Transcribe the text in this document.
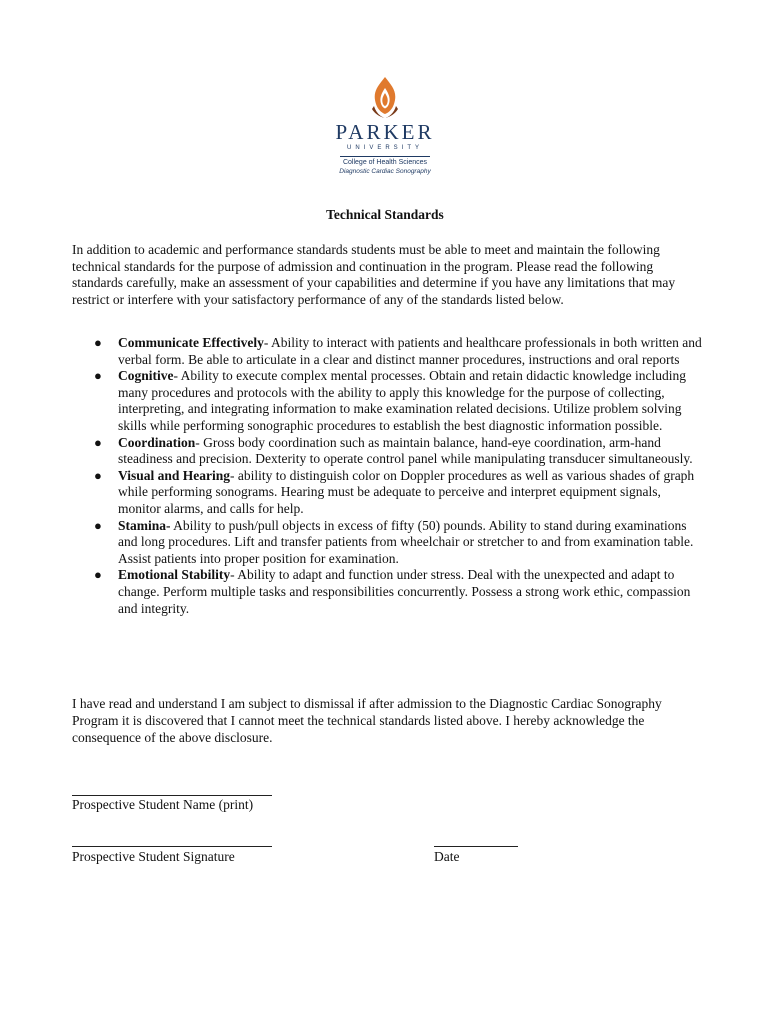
PARKER
UNIVERSITY
College of Health Sciences
Diagnostic Cardiac Sonography
Technical Standards

In addition to academic and performance standards students must be able to meet and maintain the following technical standards for the purpose of admission and continuation in the program. Please read the following standards carefully, make an assessment of your capabilities and determine if you have any limitations that may restrict or interfere with your satisfactory performance of any of the standards listed below.

● Communicate Effectively- Ability to interact with patients and healthcare professionals in both written and verbal form. Be able to articulate in a clear and distinct manner procedures, instructions and oral reports
● Cognitive- Ability to execute complex mental processes. Obtain and retain didactic knowledge including many procedures and protocols with the ability to apply this knowledge for the purpose of collecting, interpreting, and integrating information to make examination related decisions. Utilize problem solving skills while performing sonographic procedures to establish the best diagnostic information possible.
● Coordination- Gross body coordination such as maintain balance, hand-eye coordination, arm-hand steadiness and precision. Dexterity to operate control panel while manipulating transducer simultaneously.
● Visual and Hearing- ability to distinguish color on Doppler procedures as well as various shades of graph while performing sonograms. Hearing must be adequate to perceive and interpret equipment signals, monitor alarms, and calls for help.
● Stamina- Ability to push/pull objects in excess of fifty (50) pounds. Ability to stand during examinations and long procedures. Lift and transfer patients from wheelchair or stretcher to and from examination table. Assist patients into proper position for examination.
● Emotional Stability- Ability to adapt and function under stress. Deal with the unexpected and adapt to change. Perform multiple tasks and responsibilities concurrently. Possess a strong work ethic, compassion and integrity.

I have read and understand I am subject to dismissal if after admission to the Diagnostic Cardiac Sonography Program it is discovered that I cannot meet the technical standards listed above. I hereby acknowledge the consequence of the above disclosure.

Prospective Student Name (print)
Prospective Student Signature	Date
